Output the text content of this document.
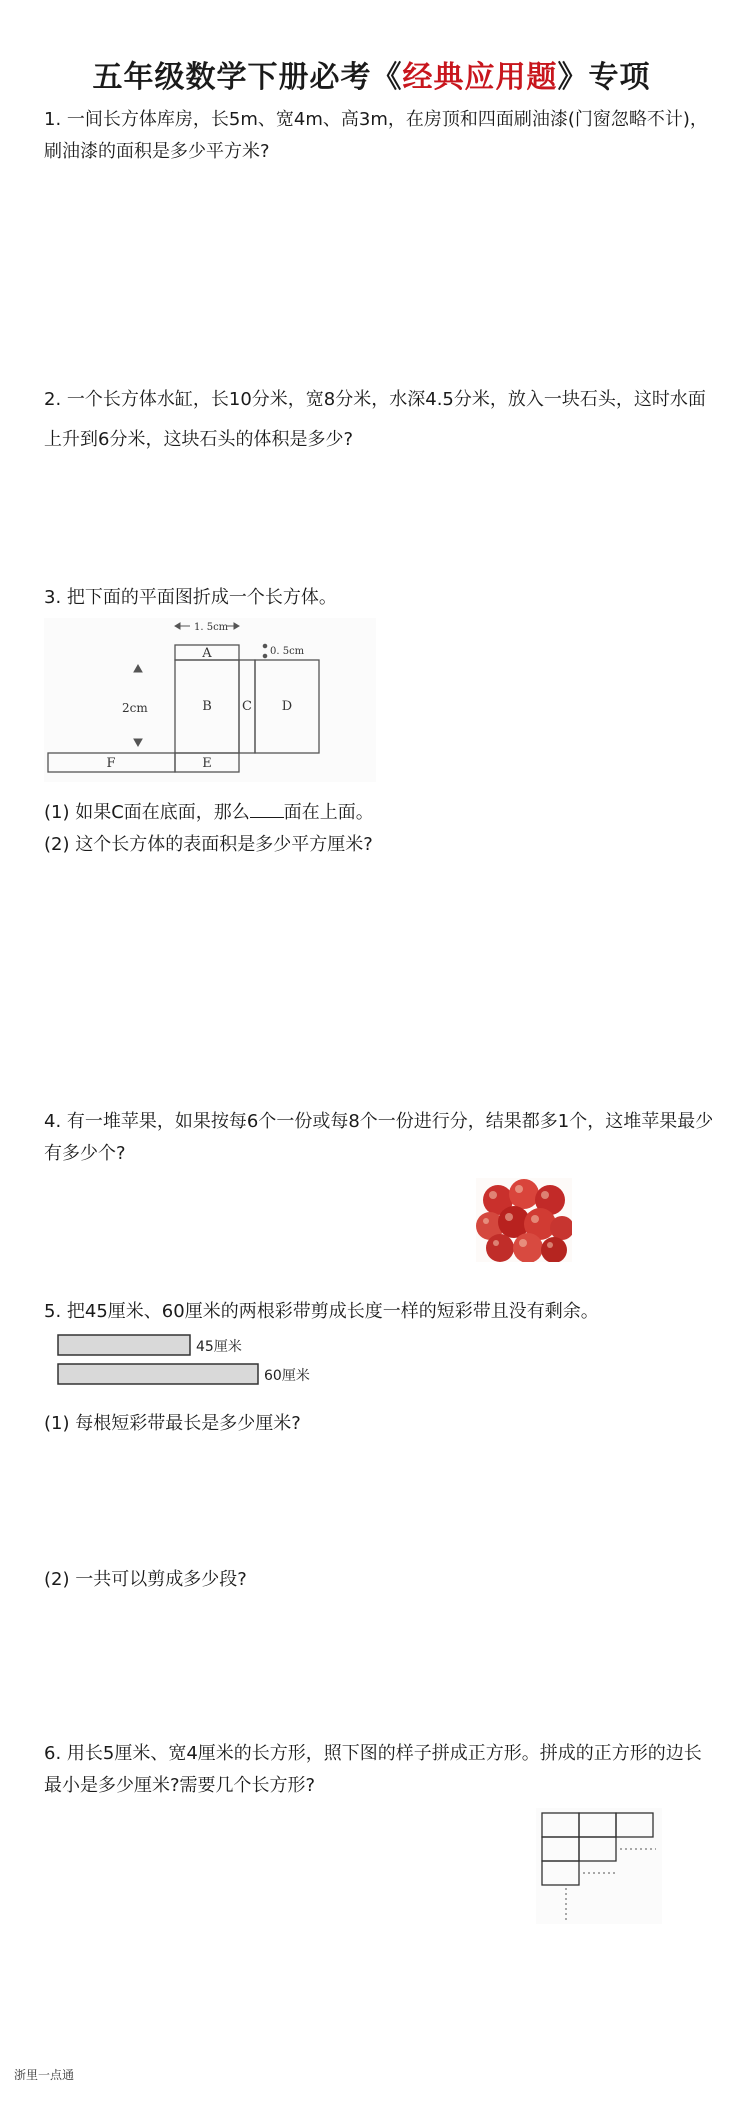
五年级数学下册必考《经典应用题》专项
1. 一间长方体库房，长5m、宽4m、高3m，在房顶和四面刷油漆(门窗忽略不计)，刷油漆的面积是多少平方米?
2. 一个长方体水缸，长10分米，宽8分米，水深4.5分米，放入一块石头，这时水面上升到6分米，这块石头的体积是多少?
3. 把下面的平面图折成一个长方体。
1. 5cm
0. 5cm
2cm
A
B C D
F	E
(1) 如果C面在底面，那么 面在上面。
(2) 这个长方体的表面积是多少平方厘米?
4. 有一堆苹果，如果按每6个一份或每8个一份进行分，结果都多1个，这堆苹果最少有多少个?
5. 把45厘米、60厘米的两根彩带剪成长度一样的短彩带且没有剩余。
45厘米
60厘米
(1) 每根短彩带最长是多少厘米?
(2) 一共可以剪成多少段?
6. 用长5厘米、宽4厘米的长方形，照下图的样子拼成正方形。拼成的正方形的边长最小是多少厘米?需要几个长方形?
浙里一点通
